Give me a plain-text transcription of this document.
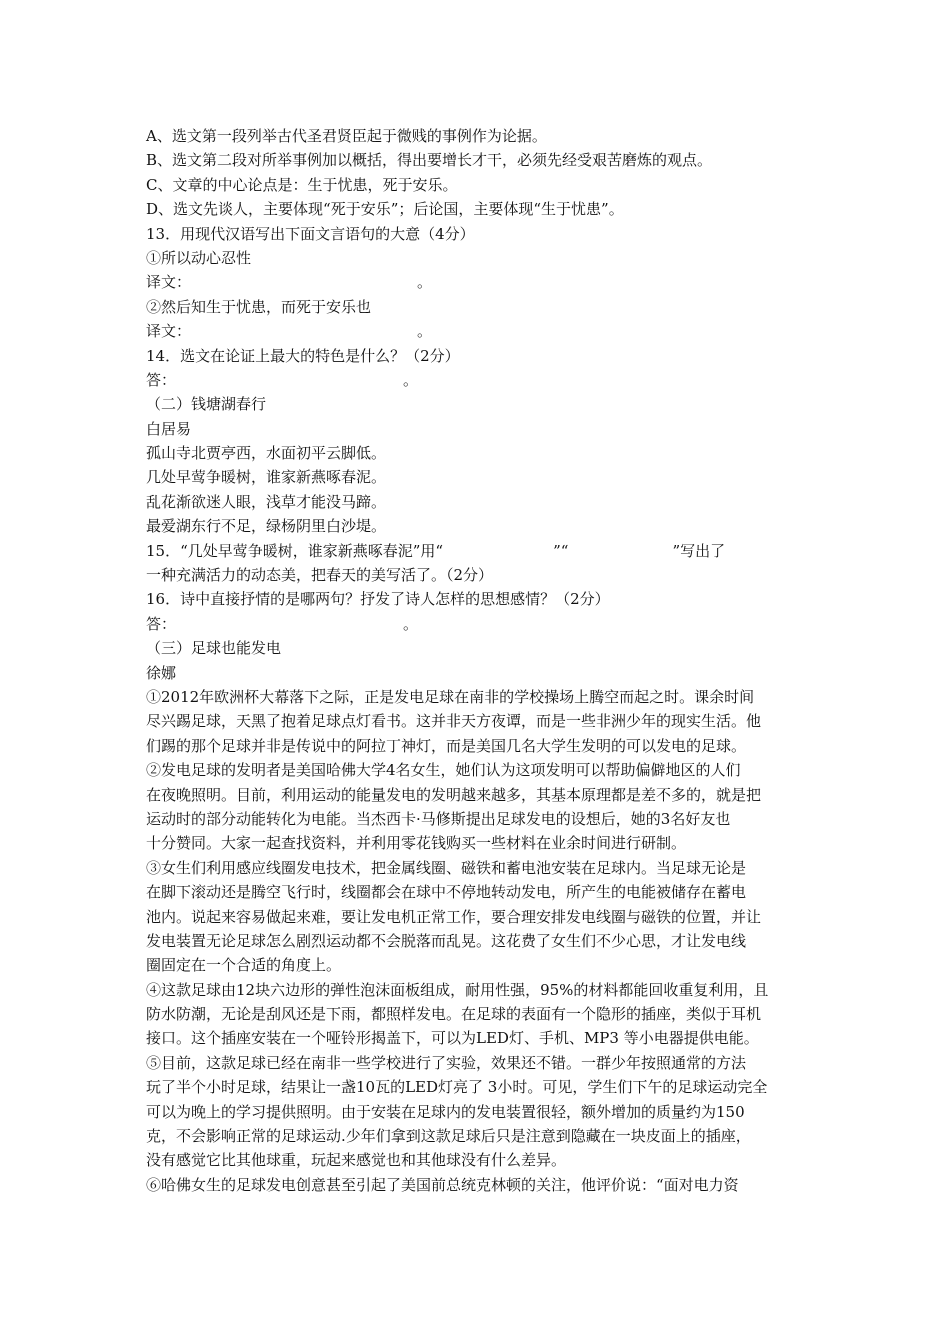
A、选文第一段列举古代圣君贤臣起于微贱的事例作为论据。
B、选文第二段对所举事例加以概括，得出要增长才干，必须先经受艰苦磨炼的观点。
C、文章的中心论点是：生于忧患，死于安乐。
D、选文先谈人，主要体现“死于安乐”；后论国，主要体现“生于忧患”。
13．用现代汉语写出下面文言语句的大意（4分）
①所以动心忍性
译文：	。
②然后知生于忧患，而死于安乐也
译文：	。
14．选文在论证上最大的特色是什么？（2分）
答：	。
（二）钱塘湖春行
白居易
孤山寺北贾亭西，水面初平云脚低。
几处早莺争暖树，谁家新燕啄春泥。
乱花渐欲迷人眼，浅草才能没马蹄。
最爱湖东行不足，绿杨阴里白沙堤。
15．“几处早莺争暖树，谁家新燕啄春泥”用“	”“	”写出了
一种充满活力的动态美，把春天的美写活了。（2分）
16．诗中直接抒情的是哪两句？抒发了诗人怎样的思想感情？（2分）
答：	。
（三）足球也能发电
徐娜
①2012年欧洲杯大幕落下之际，正是发电足球在南非的学校操场上腾空而起之时。课余时间
尽兴踢足球，天黑了抱着足球点灯看书。这并非天方夜谭，而是一些非洲少年的现实生活。他
们踢的那个足球并非是传说中的阿拉丁神灯，而是美国几名大学生发明的可以发电的足球。
②发电足球的发明者是美国哈佛大学4名女生，她们认为这项发明可以帮助偏僻地区的人们
在夜晚照明。目前，利用运动的能量发电的发明越来越多，其基本原理都是差不多的，就是把
运动时的部分动能转化为电能。当杰西卡·马修斯提出足球发电的设想后，她的3名好友也
十分赞同。大家一起查找资料，并利用零花钱购买一些材料在业余时间进行研制。
③女生们利用感应线圈发电技术，把金属线圈、磁铁和蓄电池安装在足球内。当足球无论是
在脚下滚动还是腾空飞行时，线圈都会在球中不停地转动发电，所产生的电能被储存在蓄电
池内。说起来容易做起来难，要让发电机正常工作，要合理安排发电线圈与磁铁的位置，并让
发电装置无论足球怎么剧烈运动都不会脱落而乱晃。这花费了女生们不少心思，才让发电线
圈固定在一个合适的角度上。
④这款足球由12块六边形的弹性泡沫面板组成，耐用性强，95%的材料都能回收重复利用，且
防水防潮，无论是刮风还是下雨，都照样发电。在足球的表面有一个隐形的插座，类似于耳机
接口。这个插座安装在一个哑铃形揭盖下，可以为LED灯、手机、MP3 等小电器提供电能。
⑤目前，这款足球已经在南非一些学校进行了实验，效果还不错。一群少年按照通常的方法
玩了半个小时足球，结果让一盏10瓦的LED灯亮了 3小时。可见，学生们下午的足球运动完全
可以为晚上的学习提供照明。由于安装在足球内的发电装置很轻，额外增加的质量约为150
克，不会影响正常的足球运动.少年们拿到这款足球后只是注意到隐藏在一块皮面上的插座，
没有感觉它比其他球重，玩起来感觉也和其他球没有什么差异。
⑥哈佛女生的足球发电创意甚至引起了美国前总统克林顿的关注，他评价说：“面对电力资
